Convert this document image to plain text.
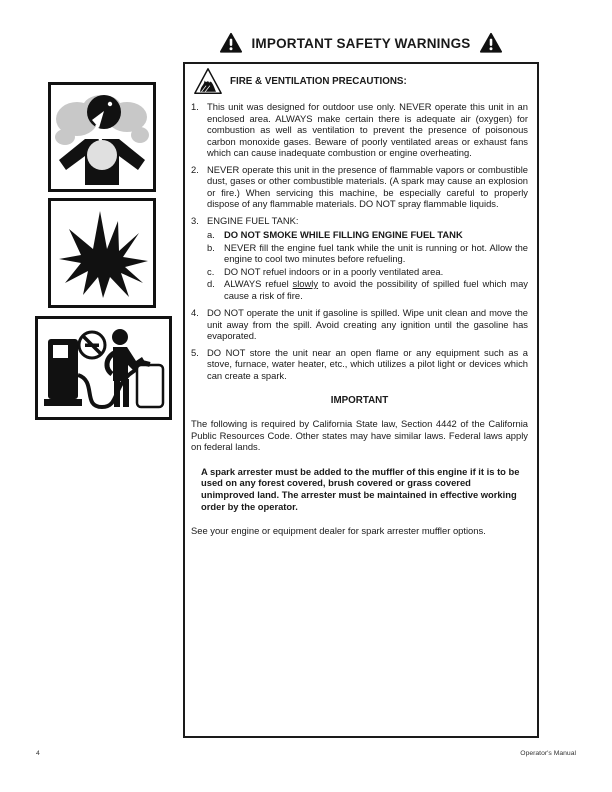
IMPORTANT SAFETY WARNINGS
FIRE & VENTILATION PRECAUTIONS:
1. This unit was designed for outdoor use only. NEVER operate this unit in an enclosed area. ALWAYS make certain there is adequate air (oxygen) for combustion as well as ventilation to prevent the presence of poisonous carbon monoxide gases. Beware of poorly ventilated areas or exhaust fans which can cause inadequate combustion or engine overheating.
2. NEVER operate this unit in the presence of flammable vapors or combustible dust, gases or other combustible materials. (A spark may cause an explosion or fire.) When servicing this machine, be especially careful to properly dispose of any flammable materials. DO NOT spray flammable liquids.
3. ENGINE FUEL TANK:
a. DO NOT SMOKE WHILE FILLING ENGINE FUEL TANK
b. NEVER fill the engine fuel tank while the unit is running or hot. Allow the engine to cool two minutes before refueling.
c.	DO NOT refuel indoors or in a poorly ventilated area.
d. ALWAYS refuel slowly to avoid the possibility of spilled fuel which may cause a risk of fire.
4. DO NOT operate the unit if gasoline is spilled. Wipe unit clean and move the unit away from the spill. Avoid creating any ignition until the gasoline has evaporated.
5. DO NOT store the unit near an open flame or any equipment such as a stove, furnace, water heater, etc., which utilizes a pilot light or devices which can create a spark.
IMPORTANT
The following is required by California State law, Section 4442 of the California Public Resources Code. Other states may have similar laws. Federal laws apply on federal lands.
A spark arrester must be added to the muffler of this engine if it is to be used on any forest covered, brush covered or grass covered unimproved land. The arrester must be maintained in effective working order by the operator.
See your engine or equipment dealer for spark arrester muffler options.
4	Operator's Manual
